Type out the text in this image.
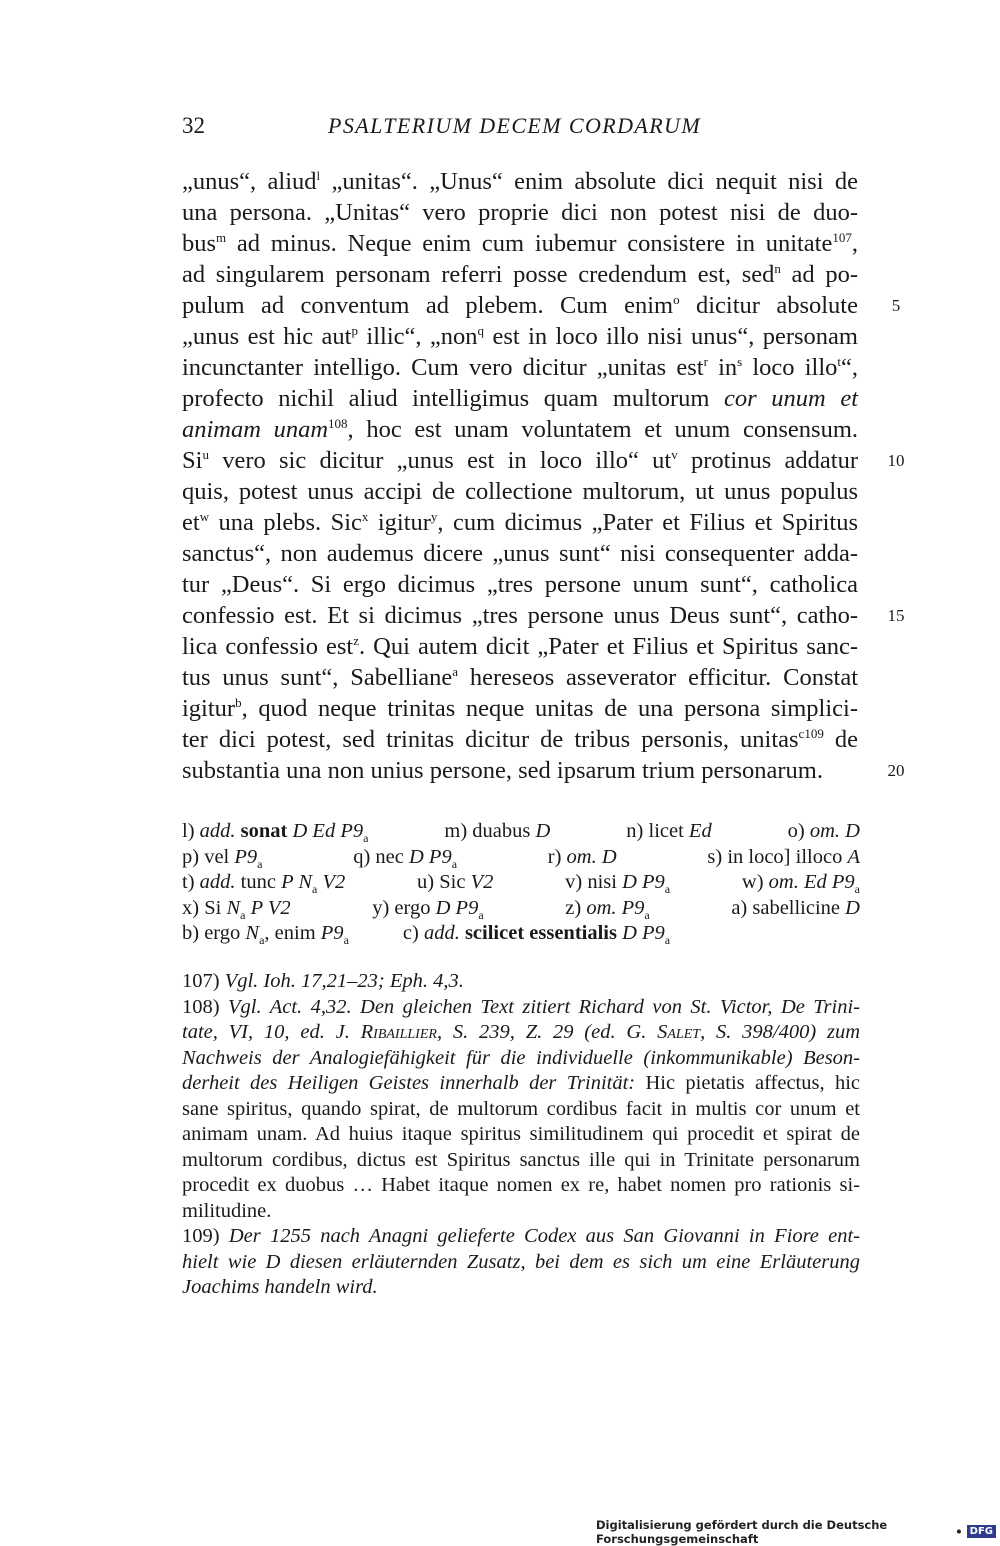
32	PSALTERIUM DECEM CORDARUM
„unus“, aliud$^l$ „unitas“. „Unus“ enim absolute dici nequit nisi de
una persona. „Unitas“ vero proprie dici non potest nisi de duo-
bus$^m$ ad minus. Neque enim cum iubemur consistere in unitate$^{107}$,
ad singularem personam referri posse credendum est, sed$^n$ ad po-
pulum ad conventum ad plebem. Cum enim$^o$ dicitur absolute
„unus est hic aut$^p$ illic“, „non$^q$ est in loco illo nisi unus“, personam
incunctanter intelligo. Cum vero dicitur „unitas est$^r$ $in^s$ loco illo$^t$“,
profecto nichil aliud intelligimus quam multorum cor unum et
animam unam$^{108}$, hoc est unam voluntatem et unum consensum.
Si$^u$ vero sic dicitur „unus est in loco illo“ $ut^v$ protinus addatur
quis, potest unus accipi de collectione multorum, ut unus populus
$et^w$ una plebs. Sic$^x$ igitur$^y$, cum dicimus „Pater et Filius et Spiritus
sanctus“, non audemus dicere „unus sunt“ nisi consequenter adda-
tur „Deus“. Si ergo dicimus „tres persone unum sunt“, catholica
confessio est. Et si dicimus „tres persone unus Deus sunt“, catho-
lica confessio est$^z$. Qui autem dicit „Pater et Filius et Spiritus sanc-
tus unus sunt“, Sabelliane$^a$ hereseos asseverator efficitur. Constat
igitur$^b$, quod neque trinitas neque unitas de una persona simplici-
ter dici potest, sed trinitas dicitur de tribus personis, unitas$^{c109}$ de
substantia una non unius persone, sed ipsarum trium personarum.
5
10
15
20
l) add. sonat D Ed $P9_a$	m) duabus D	n) licet Ed	o) om. D
p) vel $P9_a$	q) nec D $P9_a$	r) om. D	s) in loco] illoco A
t) add. tunc P $N_a$ V2	u) Sic V2	v) nisi D $P9_a$	w) om. Ed $P9_a$
x) Si $N_a$ P V2	y) ergo D $P9_a$	z) om. $P9_a$	a) sabellicine D
b) ergo $N_a$, enim $P9_a$	c) add. scilicet essentialis D $P9_a$
107) Vgl. Ioh. 17,21–23; Eph. 4,3.
108) Vgl. Act. 4,32. Den gleichen Text zitiert Richard von St. Victor, De Trini-
tate, VI, 10, ed. J. Ribaillier, S. 239, Z. 29 (ed. G. Salet, S. 398/400) zum
Nachweis der Analogiefähigkeit für die individuelle (inkommunikable) Beson-
derheit des Heiligen Geistes innerhalb der Trinität: Hic pietatis affectus, hic
sane spiritus, quando spirat, de multorum cordibus facit in multis cor unum et
animam unam. Ad huius itaque spiritus similitudinem qui procedit et spirat de
multorum cordibus, dictus est Spiritus sanctus ille qui in Trinitate personarum
procedit ex duobus … Habet itaque nomen ex re, habet nomen pro rationis si-
militudine.
109) Der 1255 nach Anagni gelieferte Codex aus San Giovanni in Fiore ent-
hielt wie D diesen erläuternden Zusatz, bei dem es sich um eine Erläuterung
Joachims handeln wird.
Digitalisierung gefördert durch die Deutsche Forschungsgemeinschaft	• DFG
